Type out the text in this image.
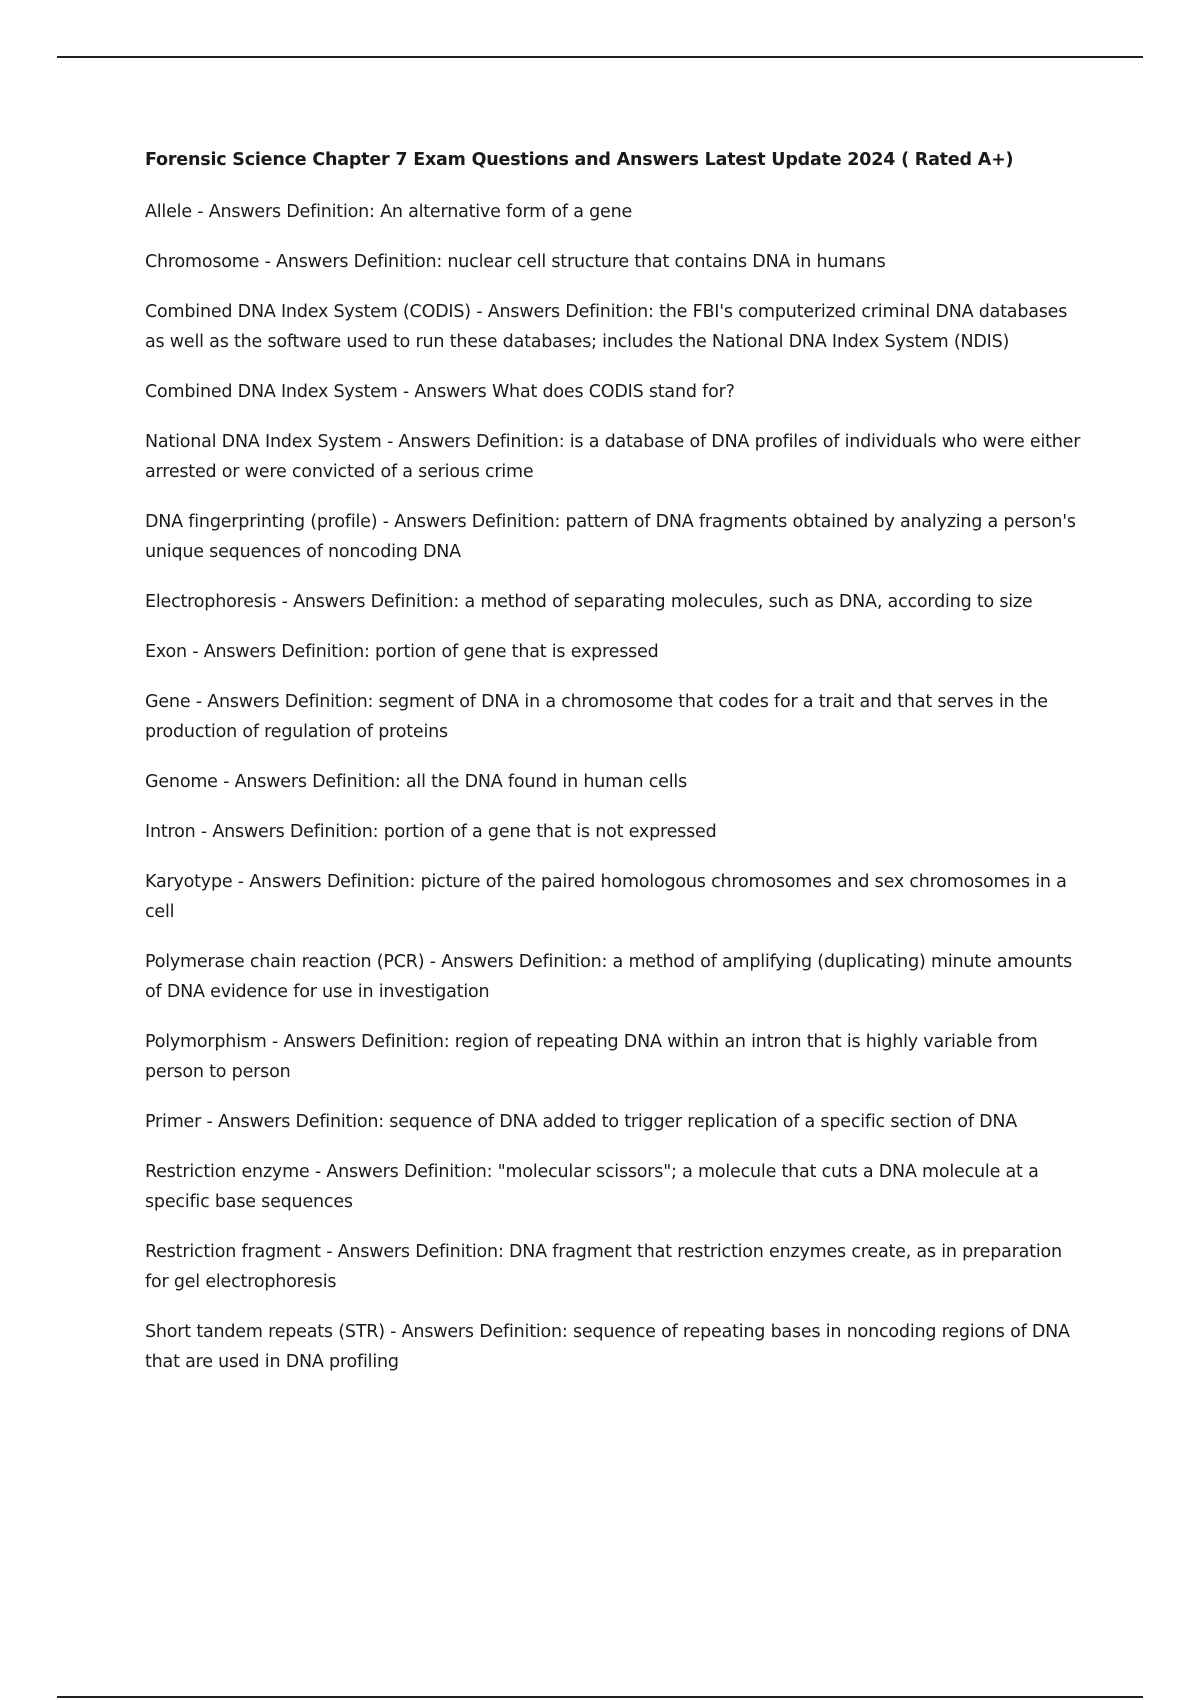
Forensic Science Chapter 7 Exam Questions and Answers Latest Update 2024 ( Rated A+)
Allele - Answers Definition: An alternative form of a gene
Chromosome - Answers Definition: nuclear cell structure that contains DNA in humans
Combined DNA Index System (CODIS) - Answers Definition: the FBI's computerized criminal DNA databases as well as the software used to run these databases; includes the National DNA Index System (NDIS)
Combined DNA Index System - Answers What does CODIS stand for?
National DNA Index System - Answers Definition: is a database of DNA profiles of individuals who were either arrested or were convicted of a serious crime
DNA fingerprinting (profile) - Answers Definition: pattern of DNA fragments obtained by analyzing a person's unique sequences of noncoding DNA
Electrophoresis - Answers Definition: a method of separating molecules, such as DNA, according to size
Exon - Answers Definition: portion of gene that is expressed
Gene - Answers Definition: segment of DNA in a chromosome that codes for a trait and that serves in the production of regulation of proteins
Genome - Answers Definition: all the DNA found in human cells
Intron - Answers Definition: portion of a gene that is not expressed
Karyotype - Answers Definition: picture of the paired homologous chromosomes and sex chromosomes in a cell
Polymerase chain reaction (PCR) - Answers Definition: a method of amplifying (duplicating) minute amounts of DNA evidence for use in investigation
Polymorphism - Answers Definition: region of repeating DNA within an intron that is highly variable from person to person
Primer - Answers Definition: sequence of DNA added to trigger replication of a specific section of DNA
Restriction enzyme - Answers Definition: "molecular scissors"; a molecule that cuts a DNA molecule at a specific base sequences
Restriction fragment - Answers Definition: DNA fragment that restriction enzymes create, as in preparation for gel electrophoresis
Short tandem repeats (STR) - Answers Definition: sequence of repeating bases in noncoding regions of DNA that are used in DNA profiling
